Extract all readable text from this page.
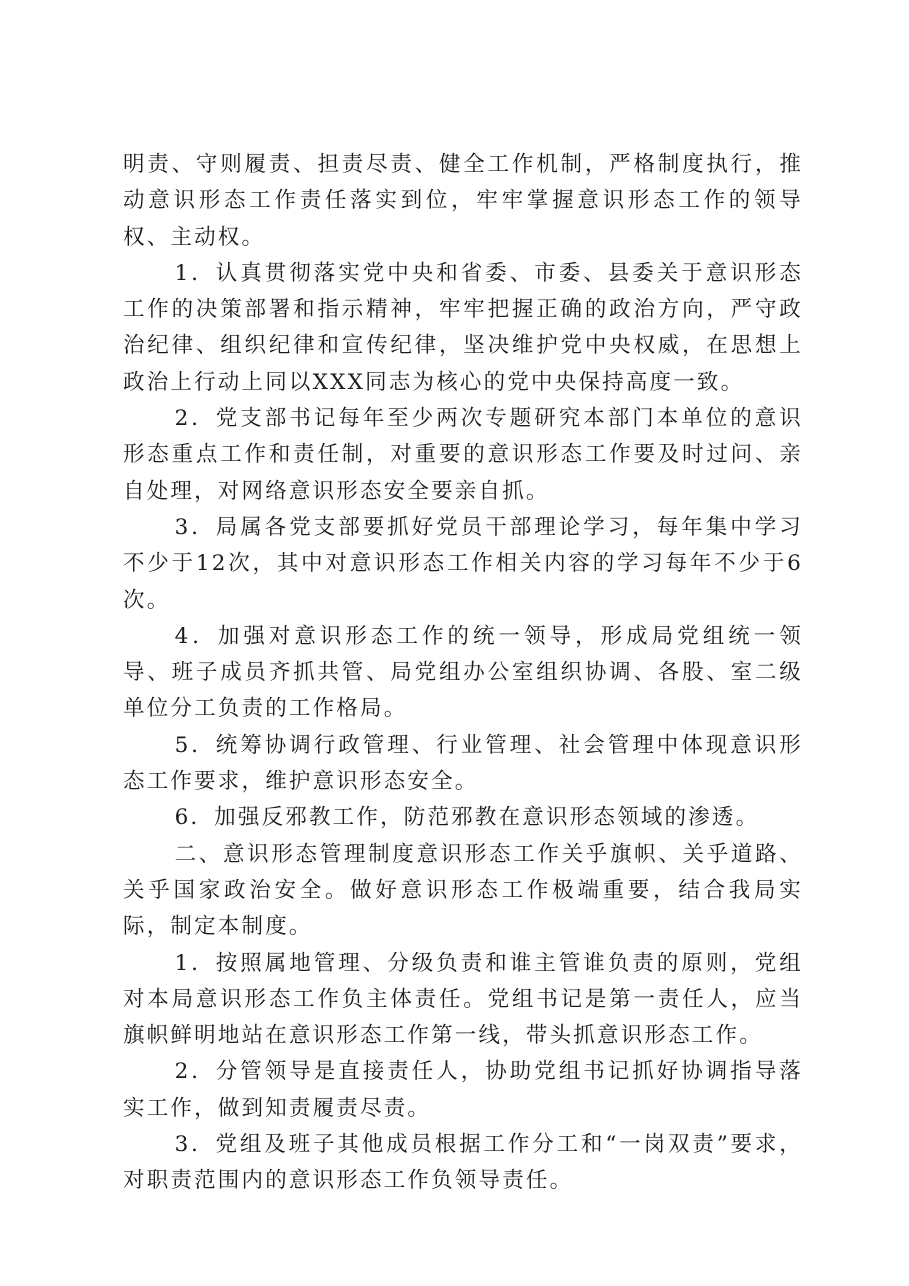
明责、守则履责、担责尽责、健全工作机制，严格制度执行，推动意识形态工作责任落实到位，牢牢掌握意识形态工作的领导权、主动权。

1．认真贯彻落实党中央和省委、市委、县委关于意识形态工作的决策部署和指示精神，牢牢把握正确的政治方向，严守政治纪律、组织纪律和宣传纪律，坚决维护党中央权威，在思想上政治上行动上同以XXX同志为核心的党中央保持高度一致。

2．党支部书记每年至少两次专题研究本部门本单位的意识形态重点工作和责任制，对重要的意识形态工作要及时过问、亲自处理，对网络意识形态安全要亲自抓。

3．局属各党支部要抓好党员干部理论学习，每年集中学习不少于12次，其中对意识形态工作相关内容的学习每年不少于6次。

4．加强对意识形态工作的统一领导，形成局党组统一领导、班子成员齐抓共管、局党组办公室组织协调、各股、室二级单位分工负责的工作格局。

5．统筹协调行政管理、行业管理、社会管理中体现意识形态工作要求，维护意识形态安全。

6．加强反邪教工作，防范邪教在意识形态领域的渗透。

二、意识形态管理制度意识形态工作关乎旗帜、关乎道路、关乎国家政治安全。做好意识形态工作极端重要，结合我局实际，制定本制度。

1．按照属地管理、分级负责和谁主管谁负责的原则，党组对本局意识形态工作负主体责任。党组书记是第一责任人，应当旗帜鲜明地站在意识形态工作第一线，带头抓意识形态工作。

2．分管领导是直接责任人，协助党组书记抓好协调指导落实工作，做到知责履责尽责。

3．党组及班子其他成员根据工作分工和“一岗双责”要求，对职责范围内的意识形态工作负领导责任。
